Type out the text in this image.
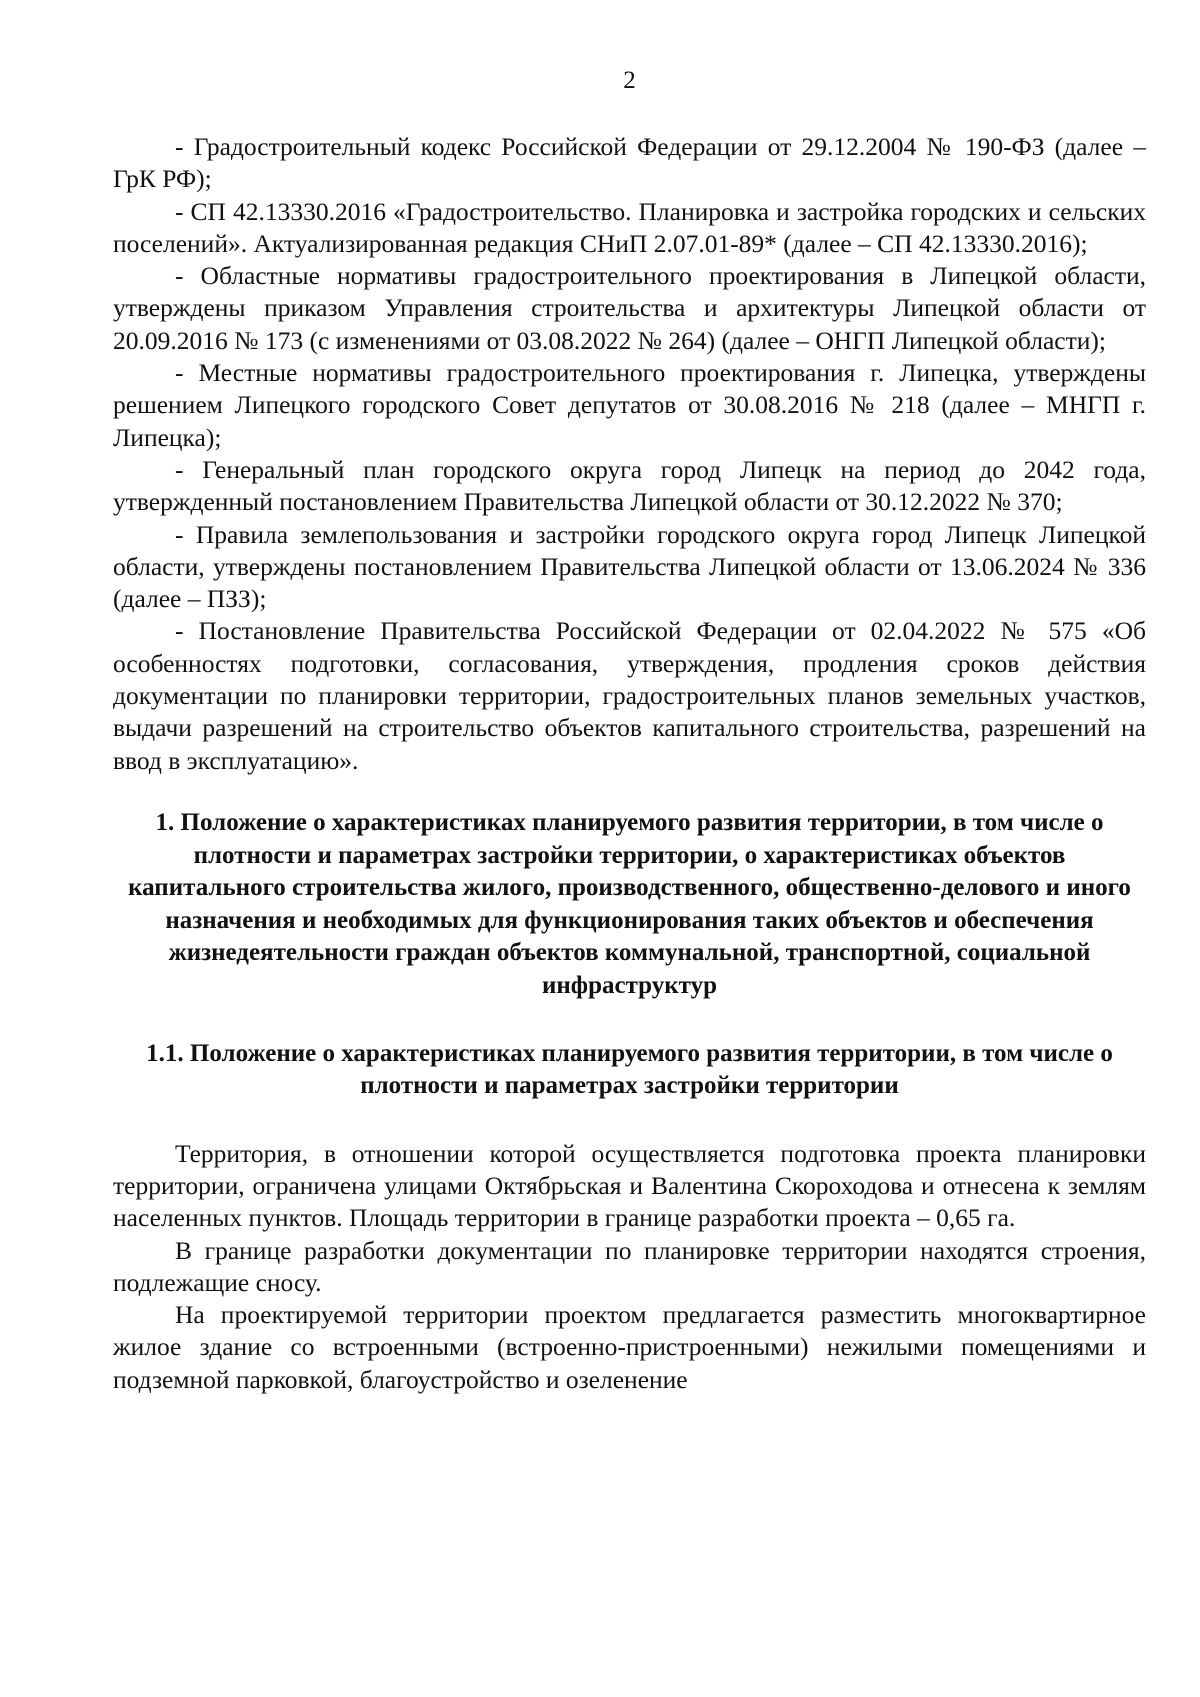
2

- Градостроительный кодекс Российской Федерации от 29.12.2004 № 190-ФЗ (далее – ГрК РФ);

- СП 42.13330.2016 «Градостроительство. Планировка и застройка городских и сельских поселений». Актуализированная редакция СНиП 2.07.01-89* (далее – СП 42.13330.2016);

- Областные нормативы градостроительного проектирования в Липецкой области, утверждены приказом Управления строительства и архитектуры Липецкой области от 20.09.2016 № 173 (с изменениями от 03.08.2022 № 264) (далее – ОНГП Липецкой области);

- Местные нормативы градостроительного проектирования г. Липецка, утверждены решением Липецкого городского Совет депутатов от 30.08.2016 № 218 (далее – МНГП г. Липецка);

- Генеральный план городского округа город Липецк на период до 2042 года, утвержденный постановлением Правительства Липецкой области от 30.12.2022 № 370;

- Правила землепользования и застройки городского округа город Липецк Липецкой области, утверждены постановлением Правительства Липецкой области от 13.06.2024 № 336 (далее – ПЗЗ);

- Постановление Правительства Российской Федерации от 02.04.2022 № 575 «Об особенностях подготовки, согласования, утверждения, продления сроков действия документации по планировки территории, градостроительных планов земельных участков, выдачи разрешений на строительство объектов капитального строительства, разрешений на ввод в эксплуатацию».

1. Положение о характеристиках планируемого развития территории, в том числе о плотности и параметрах застройки территории, о характеристиках объектов капитального строительства жилого, производственного, общественно-делового и иного назначения и необходимых для функционирования таких объектов и обеспечения жизнедеятельности граждан объектов коммунальной, транспортной, социальной инфраструктур
1.1. Положение о характеристиках планируемого развития территории, в том числе о плотности и параметрах застройки территории

Территория, в отношении которой осуществляется подготовка проекта планировки территории, ограничена улицами Октябрьская и Валентина Скороходова и отнесена к землям населенных пунктов. Площадь территории в границе разработки проекта – 0,65 га.

В границе разработки документации по планировке территории находятся строения, подлежащие сносу.

На проектируемой территории проектом предлагается разместить многоквартирное жилое здание со встроенными (встроенно-пристроенными) нежилыми помещениями и подземной парковкой, благоустройство и озеленение
